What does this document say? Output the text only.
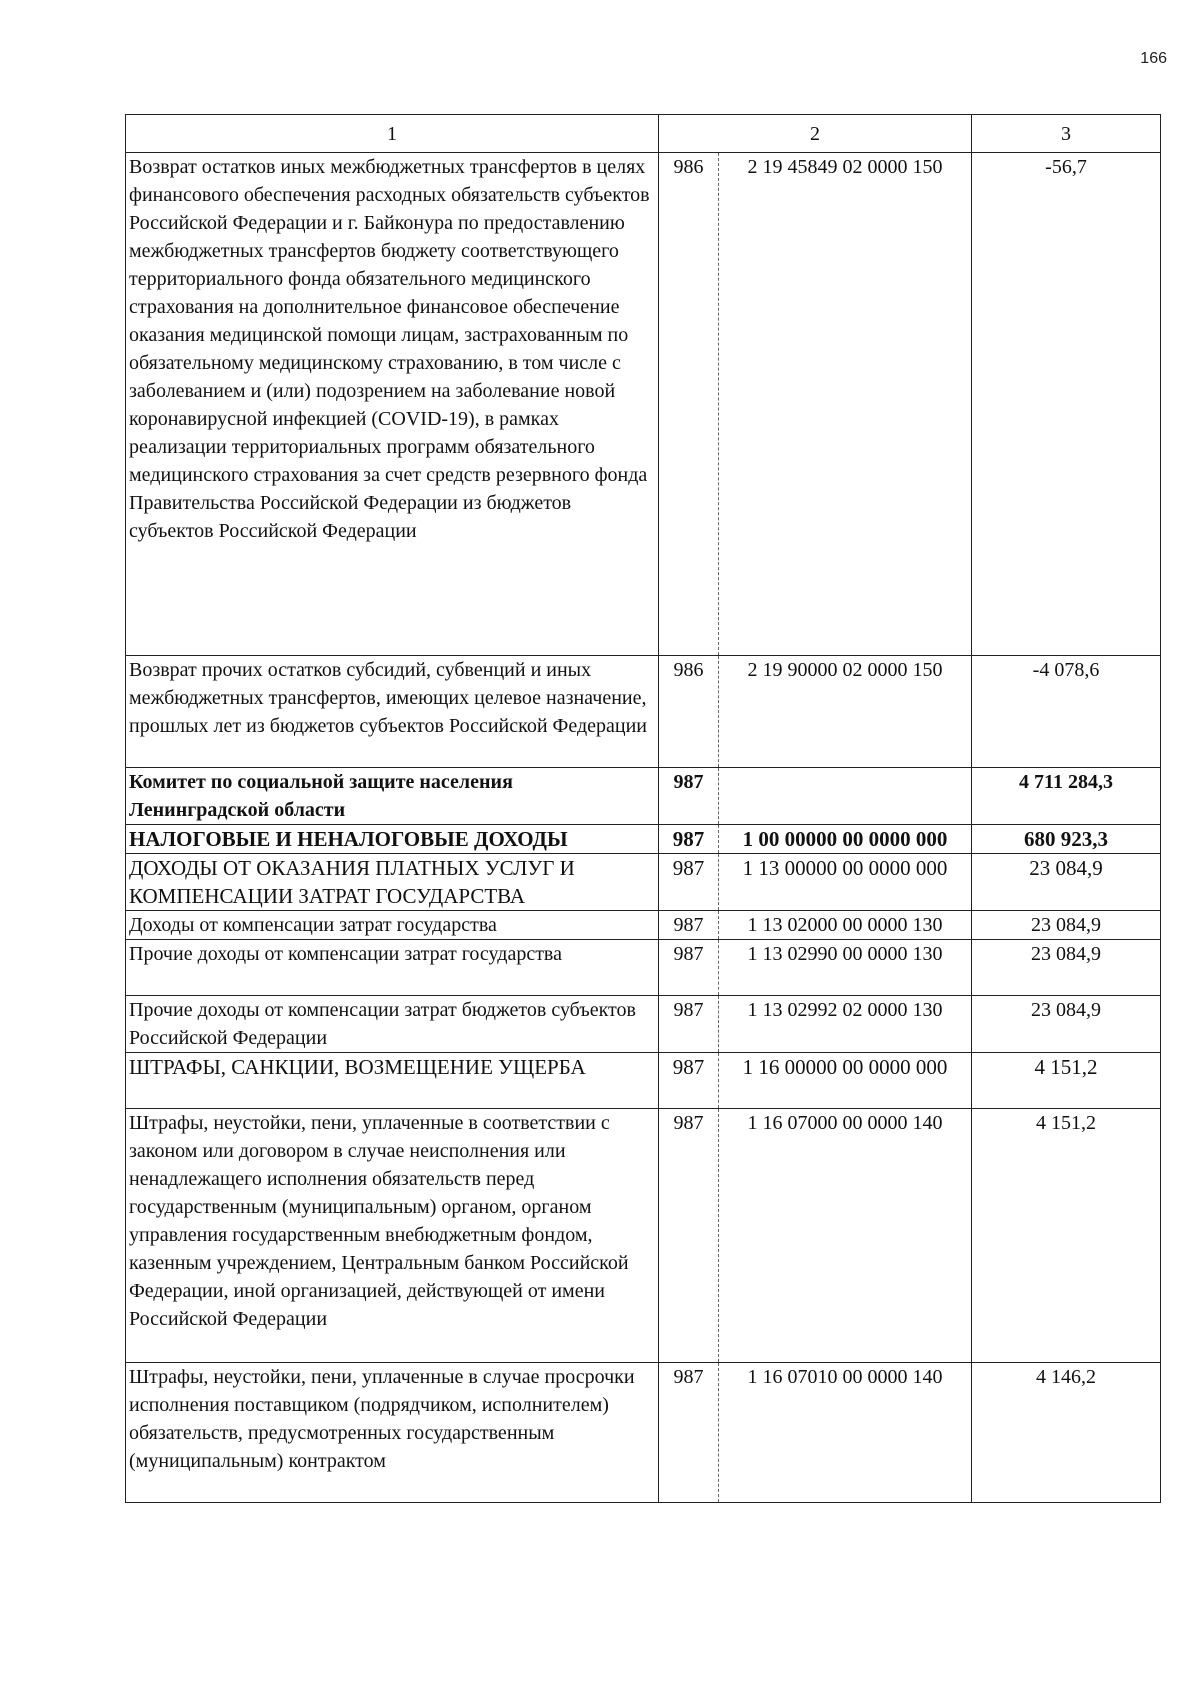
166
1	2		3
Возврат остатков иных межбюджетных трансфертов в целях финансового обеспечения расходных обязательств субъектов Российской Федерации и г. Байконура по предоставлению межбюджетных трансфертов бюджету соответствующего территориального фонда обязательного медицинского страхования на дополнительное финансовое обеспечение оказания медицинской помощи лицам, застрахованным по обязательному медицинскому страхованию, в том числе с заболеванием и (или) подозрением на заболевание новой коронавирусной инфекцией (COVID-19), в рамках реализации территориальных программ обязательного медицинского страхования за счет средств резервного фонда Правительства Российской Федерации из бюджетов субъектов Российской Федерации	986	2 19 45849 02 0000 150	-56,7
Возврат прочих остатков субсидий, субвенций и иных межбюджетных трансфертов, имеющих целевое назначение, прошлых лет из бюджетов субъектов Российской Федерации	986	2 19 90000 02 0000 150	-4 078,6
Комитет по социальной защите населения Ленинградской области	987		4 711 284,3
НАЛОГОВЫЕ И НЕНАЛОГОВЫЕ ДОХОДЫ	987	1 00 00000 00 0000 000	680 923,3
ДОХОДЫ ОТ ОКАЗАНИЯ ПЛАТНЫХ УСЛУГ И КОМПЕНСАЦИИ ЗАТРАТ ГОСУДАРСТВА	987	1 13 00000 00 0000 000	23 084,9
Доходы от компенсации затрат государства	987	1 13 02000 00 0000 130	23 084,9
Прочие доходы от компенсации затрат государства	987	1 13 02990 00 0000 130	23 084,9
Прочие доходы от компенсации затрат бюджетов субъектов Российской Федерации	987	1 13 02992 02 0000 130	23 084,9
ШТРАФЫ, САНКЦИИ, ВОЗМЕЩЕНИЕ УЩЕРБА	987	1 16 00000 00 0000 000	4 151,2
Штрафы, неустойки, пени, уплаченные в соответствии с законом или договором в случае неисполнения или ненадлежащего исполнения обязательств перед государственным (муниципальным) органом, органом управления государственным внебюджетным фондом, казенным учреждением, Центральным банком Российской Федерации, иной организацией, действующей от имени Российской Федерации	987	1 16 07000 00 0000 140	4 151,2
Штрафы, неустойки, пени, уплаченные в случае просрочки исполнения поставщиком (подрядчиком, исполнителем) обязательств, предусмотренных государственным (муниципальным) контрактом	987	1 16 07010 00 0000 140	4 146,2
